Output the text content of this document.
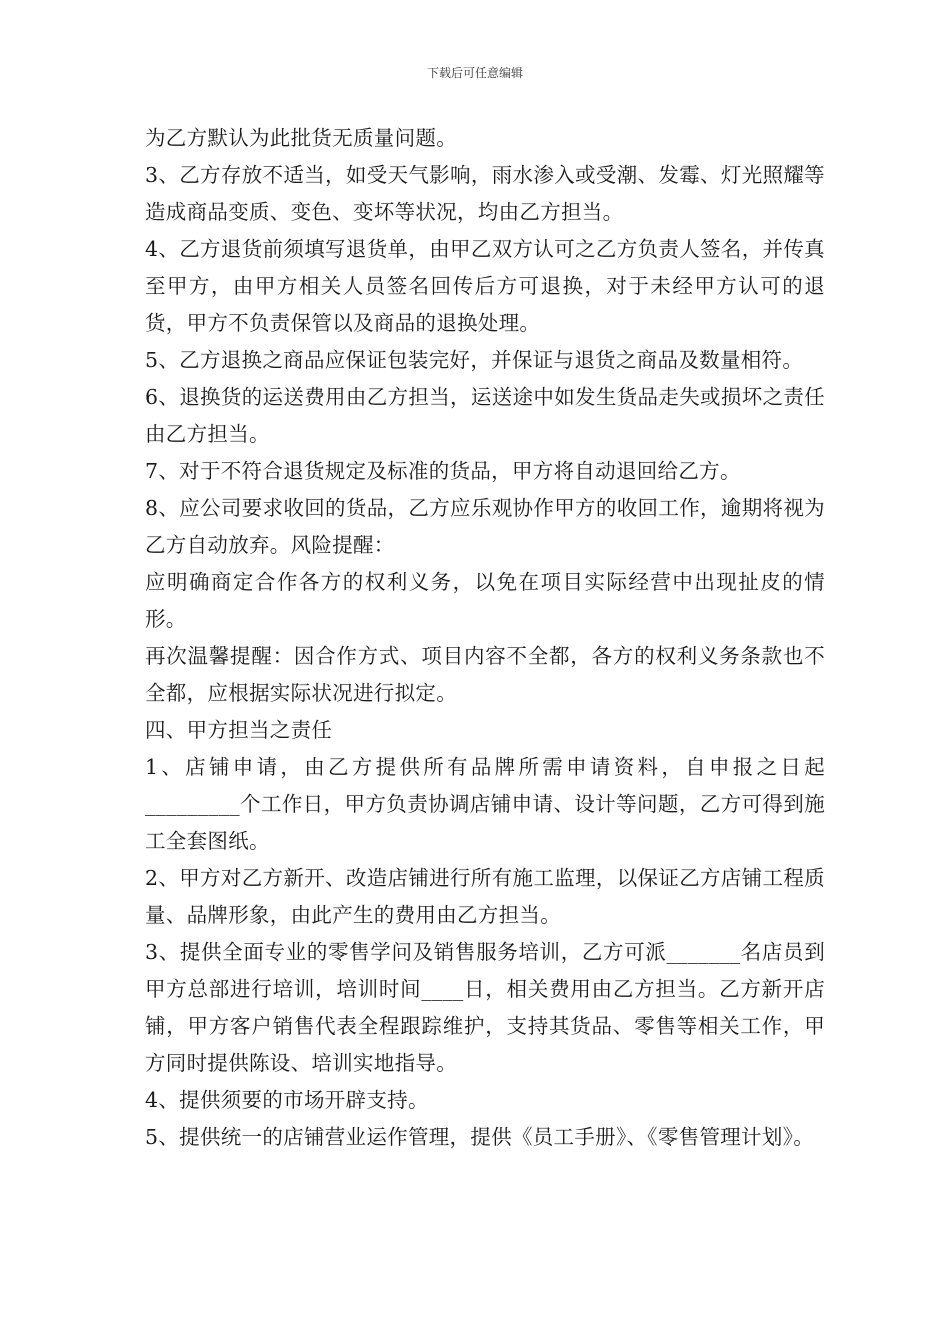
下载后可任意编辑

为乙方默认为此批货无质量问题。

3、乙方存放不适当，如受天气影响，雨水渗入或受潮、发霉、灯光照耀等造成商品变质、变色、变坏等状况，均由乙方担当。

4、乙方退货前须填写退货单，由甲乙双方认可之乙方负责人签名，并传真至甲方，由甲方相关人员签名回传后方可退换，对于未经甲方认可的退货，甲方不负责保管以及商品的退换处理。

5、乙方退换之商品应保证包装完好，并保证与退货之商品及数量相符。

6、退换货的运送费用由乙方担当，运送途中如发生货品走失或损坏之责任由乙方担当。

7、对于不符合退货规定及标准的货品，甲方将自动退回给乙方。

8、应公司要求收回的货品，乙方应乐观协作甲方的收回工作，逾期将视为乙方自动放弃。风险提醒：

应明确商定合作各方的权利义务，以免在项目实际经营中出现扯皮的情形。

再次温馨提醒：因合作方式、项目内容不全都，各方的权利义务条款也不全都，应根据实际状况进行拟定。

四、甲方担当之责任

1、店铺申请，由乙方提供所有品牌所需申请资料，自申报之日起_________个工作日，甲方负责协调店铺申请、设计等问题，乙方可得到施工全套图纸。

2、甲方对乙方新开、改造店铺进行所有施工监理，以保证乙方店铺工程质量、品牌形象，由此产生的费用由乙方担当。

3、提供全面专业的零售学问及销售服务培训，乙方可派_______名店员到甲方总部进行培训，培训时间____日，相关费用由乙方担当。乙方新开店铺，甲方客户销售代表全程跟踪维护，支持其货品、零售等相关工作，甲方同时提供陈设、培训实地指导。

4、提供须要的市场开辟支持。

5、提供统一的店铺营业运作管理，提供《员工手册》、《零售管理计划》。
